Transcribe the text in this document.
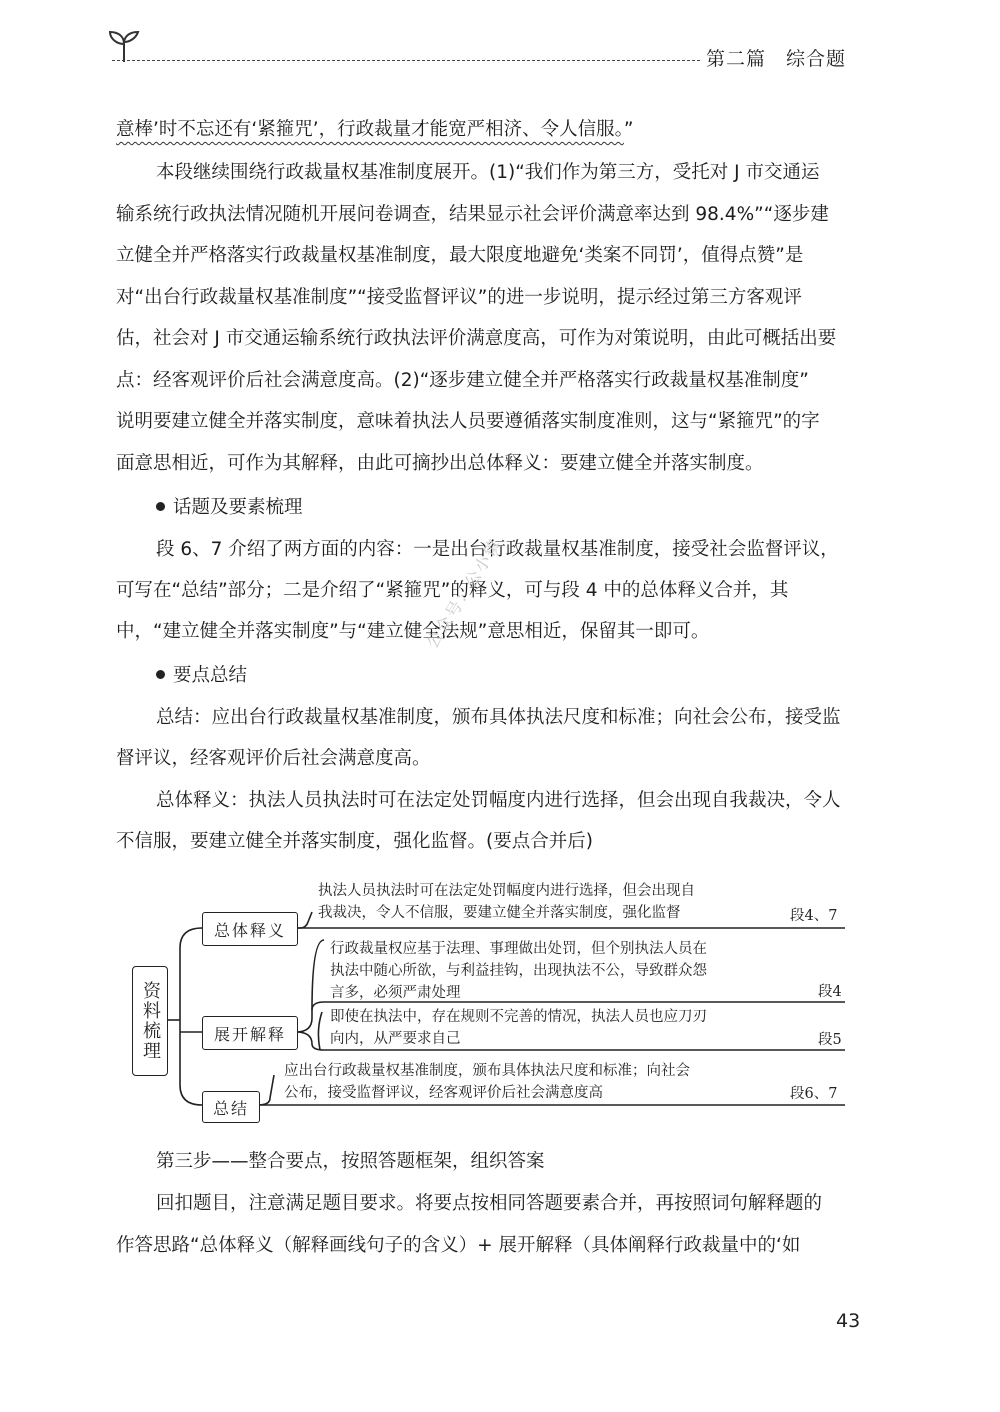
第二篇　综合题
意棒’时不忘还有‘紧箍咒’，行政裁量才能宽严相济、令人信服。”
本段继续围绕行政裁量权基准制度展开。(1)“我们作为第三方，受托对 J 市交通运
输系统行政执法情况随机开展问卷调查，结果显示社会评价满意率达到 98.4%”“逐步建
立健全并严格落实行政裁量权基准制度，最大限度地避免‘类案不同罚’，值得点赞”是
对“出台行政裁量权基准制度”“接受监督评议”的进一步说明，提示经过第三方客观评
估，社会对 J 市交通运输系统行政执法评价满意度高，可作为对策说明，由此可概括出要
点：经客观评价后社会满意度高。(2)“逐步建立健全并严格落实行政裁量权基准制度”
说明要建立健全并落实制度，意味着执法人员要遵循落实制度准则，这与“紧箍咒”的字
面意思相近，可作为其解释，由此可摘抄出总体释义：要建立健全并落实制度。
话题及要素梳理
段 6、7 介绍了两方面的内容：一是出台行政裁量权基准制度，接受社会监督评议，
可写在“总结”部分；二是介绍了“紧箍咒”的释义，可与段 4 中的总体释义合并，其
中，“建立健全并落实制度”与“建立健全法规”意思相近，保留其一即可。
要点总结
总结：应出台行政裁量权基准制度，颁布具体执法尺度和标准；向社会公布，接受监
督评议，经客观评价后社会满意度高。
总体释义：执法人员执法时可在法定处罚幅度内进行选择，但会出现自我裁决，令人
不信服，要建立健全并落实制度，强化监督。(要点合并后)
公众号：公小镇
资料梳理
总体释义
展开解释
总结
执法人员执法时可在法定处罚幅度内进行选择，但会出现自
我裁决，令人不信服，要建立健全并落实制度，强化监督	段4、7
行政裁量权应基于法理、事理做出处罚，但个别执法人员在
执法中随心所欲，与利益挂钩，出现执法不公，导致群众怨
言多，必须严肃处理	段4
即使在执法中，存在规则不完善的情况，执法人员也应刀刃
向内，从严要求自己	段5
应出台行政裁量权基准制度，颁布具体执法尺度和标准；向社会
公布，接受监督评议，经客观评价后社会满意度高	段6、7
第三步——整合要点，按照答题框架，组织答案
回扣题目，注意满足题目要求。将要点按相同答题要素合并，再按照词句解释题的
作答思路“总体释义（解释画线句子的含义）+ 展开解释（具体阐释行政裁量中的‘如
43
